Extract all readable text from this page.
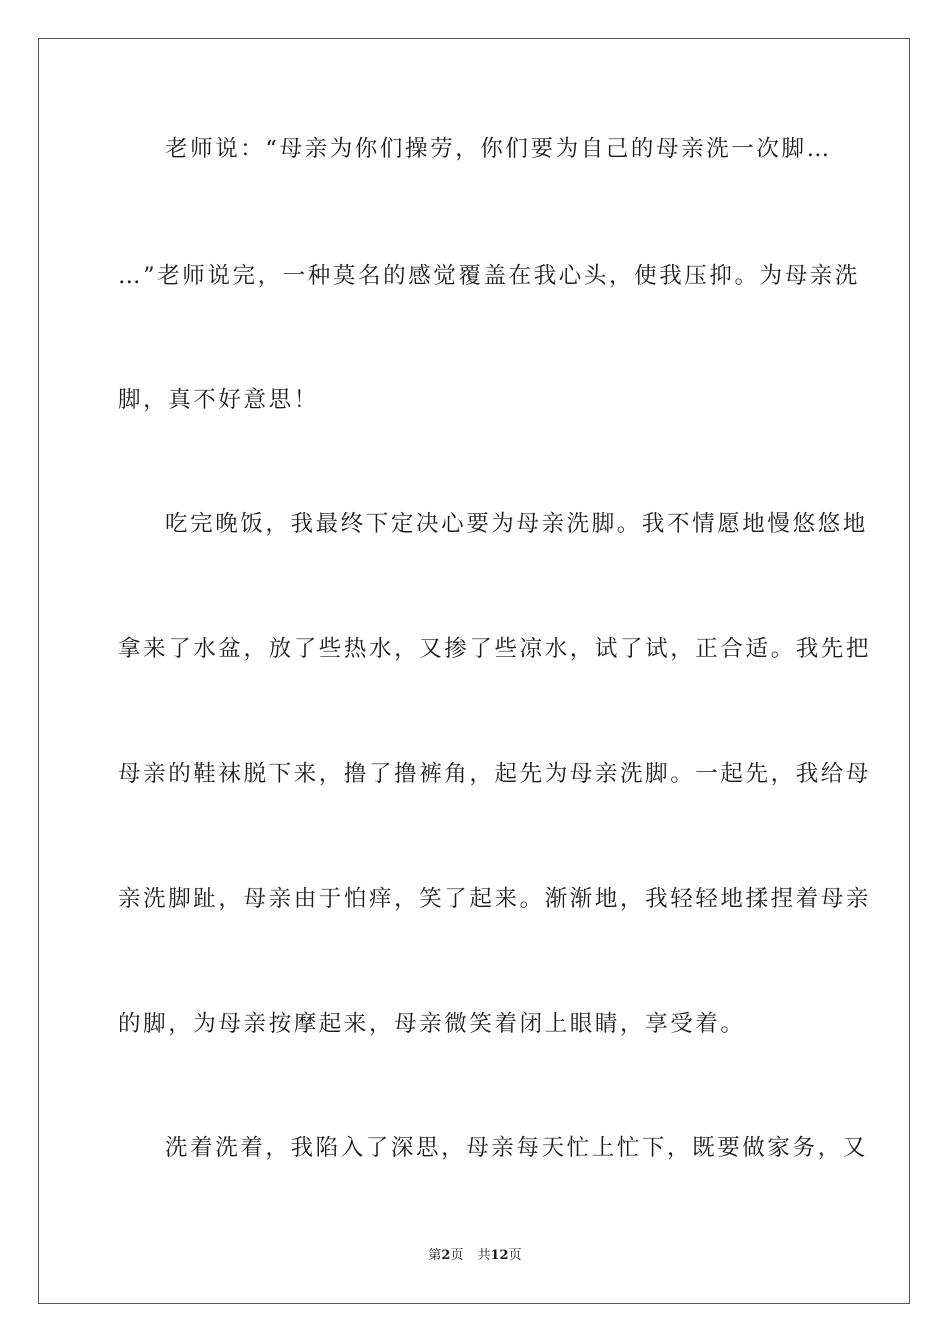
老师说：“母亲为你们操劳，你们要为自己的母亲洗一次脚…
…”老师说完，一种莫名的感觉覆盖在我心头，使我压抑。为母亲洗
脚，真不好意思！
吃完晚饭，我最终下定决心要为母亲洗脚。我不情愿地慢悠悠地
拿来了水盆，放了些热水，又掺了些凉水，试了试，正合适。我先把
母亲的鞋袜脱下来，撸了撸裤角，起先为母亲洗脚。一起先，我给母
亲洗脚趾，母亲由于怕痒，笑了起来。渐渐地，我轻轻地揉捏着母亲
的脚，为母亲按摩起来，母亲微笑着闭上眼睛，享受着。
洗着洗着，我陷入了深思，母亲每天忙上忙下，既要做家务，又
第2页 共12页
